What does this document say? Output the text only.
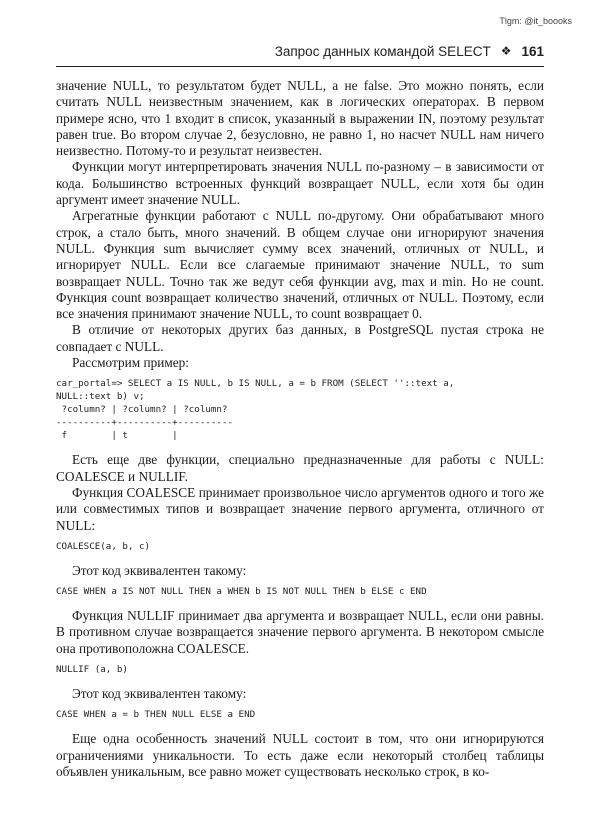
Tlgm: @it_boooks
Запрос данных командой SELECT ❖ 161

значение NULL, то результатом будет NULL, а не false. Это можно понять, если считать NULL неизвестным значением, как в логических операторах. В первом примере ясно, что 1 входит в список, указанный в выражении IN, поэтому результат равен true. Во втором случае 2, безусловно, не равно 1, но насчет NULL нам ничего неизвестно. Потому-то и результат неизвестен.

Функции могут интерпретировать значения NULL по-разному – в зависимости от кода. Большинство встроенных функций возвращает NULL, если хотя бы один аргумент имеет значение NULL.

Агрегатные функции работают с NULL по-другому. Они обрабатывают много строк, а стало быть, много значений. В общем случае они игнорируют значения NULL. Функция sum вычисляет сумму всех значений, отличных от NULL, и игнорирует NULL. Если все слагаемые принимают значение NULL, то sum возвращает NULL. Точно так же ведут себя функции avg, max и min. Но не count. Функция count возвращает количество значений, отличных от NULL. Поэтому, если все значения принимают значение NULL, то count возвращает 0.

В отличие от некоторых других баз данных, в PostgreSQL пустая строка не совпадает с NULL.

Рассмотрим пример:

car_portal=> SELECT a IS NULL, b IS NULL, a = b FROM (SELECT ''::text a,
NULL::text b) v;
?column? | ?column? | ?column?
----------+----------+----------
f        | t        |

Есть еще две функции, специально предназначенные для работы с NULL: COALESCE и NULLIF.

Функция COALESCE принимает произвольное число аргументов одного и того же или совместимых типов и возвращает значение первого аргумента, отличного от NULL:

COALESCE(a, b, c)

Этот код эквивалентен такому:

CASE WHEN a IS NOT NULL THEN a WHEN b IS NOT NULL THEN b ELSE c END

Функция NULLIF принимает два аргумента и возвращает NULL, если они равны. В противном случае возвращается значение первого аргумента. В некотором смысле она противоположна COALESCE.

NULLIF (a, b)

Этот код эквивалентен такому:

CASE WHEN a = b THEN NULL ELSE a END

Еще одна особенность значений NULL состоит в том, что они игнорируются ограничениями уникальности. То есть даже если некоторый столбец таблицы объявлен уникальным, все равно может существовать несколько строк, в ко-
